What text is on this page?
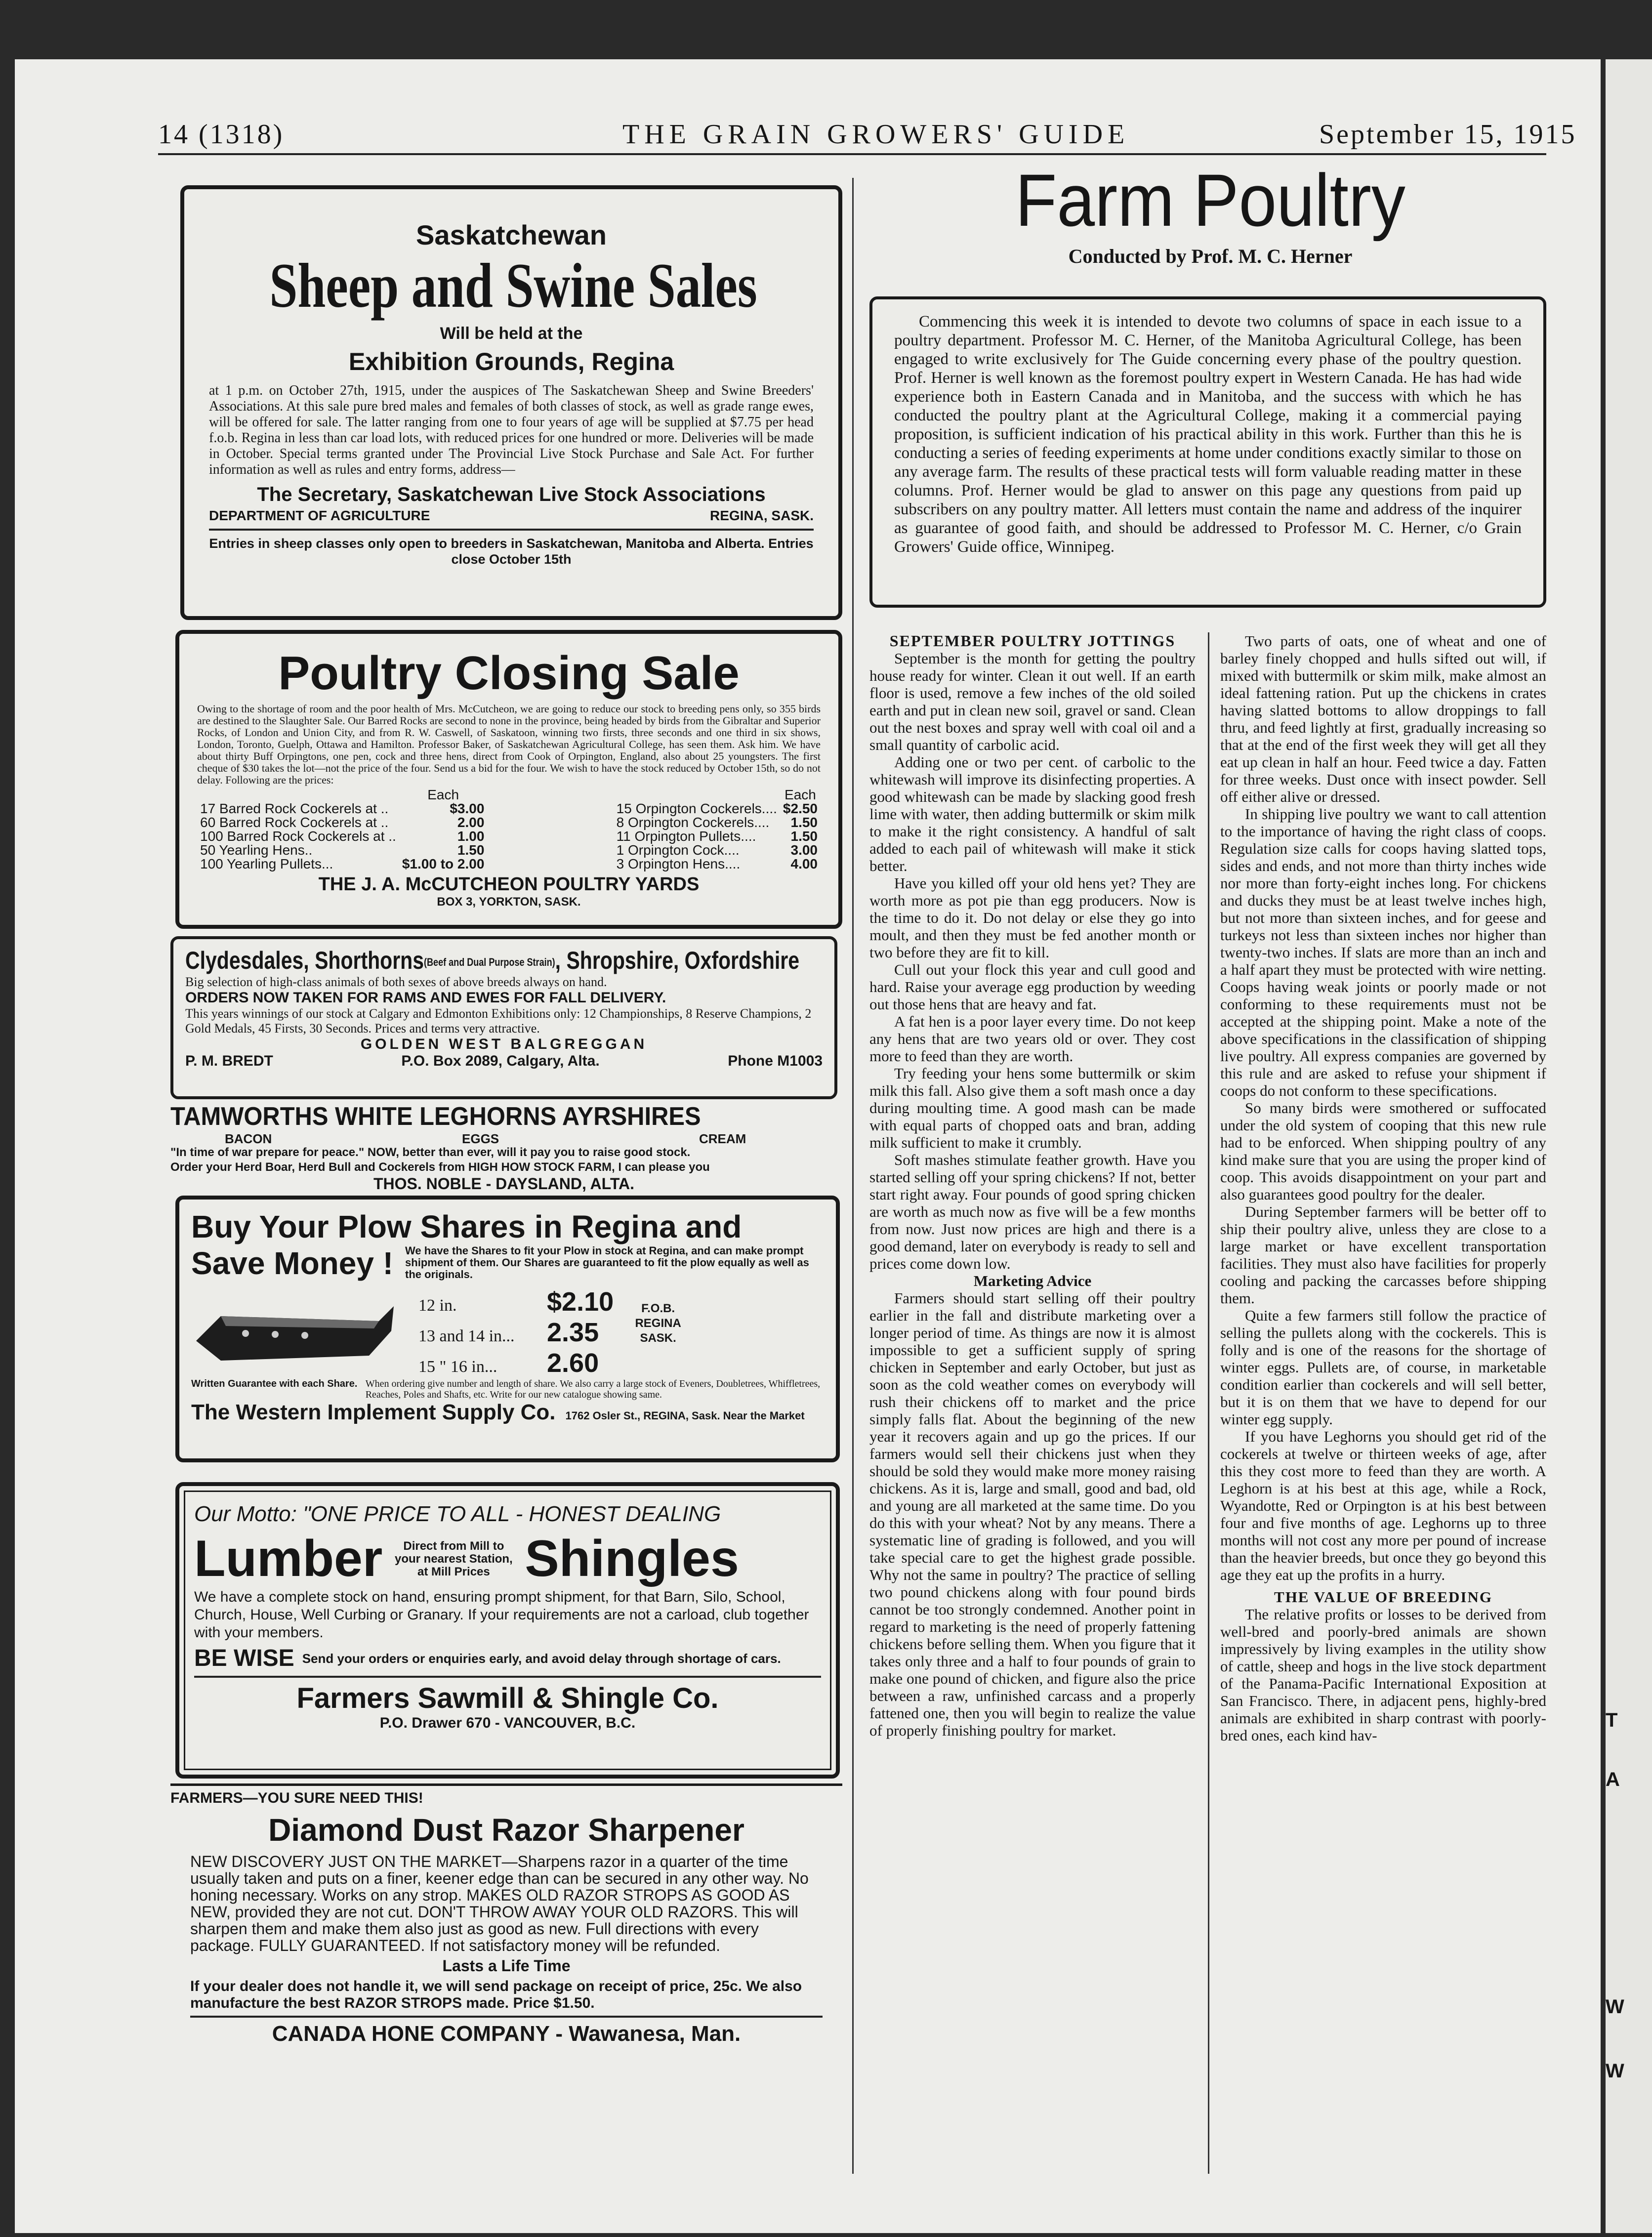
T
A
W
W
14 (1318)	THE GRAIN GROWERS' GUIDE	September 15, 1915
Saskatchewan
Sheep and Swine Sales
Will be held at the
Exhibition Grounds, Regina
at 1 p.m. on October 27th, 1915, under the auspices of The Saskatchewan Sheep and Swine Breeders' Associations. At this sale pure bred males and females of both classes of stock, as well as grade range ewes, will be offered for sale. The latter ranging from one to four years of age will be supplied at $7.75 per head f.o.b. Regina in less than car load lots, with reduced prices for one hundred or more. Deliveries will be made in October. Special terms granted under The Provincial Live Stock Purchase and Sale Act. For further information as well as rules and entry forms, address—
The Secretary, Saskatchewan Live Stock Associations
DEPARTMENT OF AGRICULTURE	REGINA, SASK.
Entries in sheep classes only open to breeders in Saskatchewan, Manitoba and Alberta. Entries close October 15th
Poultry Closing Sale
Owing to the shortage of room and the poor health of Mrs. McCutcheon, we are going to reduce our stock to breeding pens only, so 355 birds are destined to the Slaughter Sale. Our Barred Rocks are second to none in the province, being headed by birds from the Gibraltar and Superior Rocks, of London and Union City, and from R. W. Caswell, of Saskatoon, winning two firsts, three seconds and one third in six shows, London, Toronto, Guelph, Ottawa and Hamilton. Professor Baker, of Saskatchewan Agricultural College, has seen them. Ask him. We have about thirty Buff Orpingtons, one pen, cock and three hens, direct from Cook of Orpington, England, also about 25 youngsters. The first cheque of $30 takes the lot—not the price of the four. Send us a bid for the four. We wish to have the stock reduced by October 15th, so do not delay. Following are the prices:
	Each
17 Barred Rock Cockerels at ..	$3.00
60 Barred Rock Cockerels at ..	2.00
100 Barred Rock Cockerels at ..	1.00
50 Yearling Hens..	1.50
100 Yearling Pullets...	$1.00 to 2.00
	Each
15 Orpington Cockerels....	$2.50
8 Orpington Cockerels....	1.50
11 Orpington Pullets....	1.50
1 Orpington Cock....	3.00
3 Orpington Hens....	4.00
THE J. A. McCUTCHEON POULTRY YARDS
BOX 3, YORKTON, SASK.
Clydesdales, Shorthorns(Beef and Dual Purpose Strain), Shropshire, Oxfordshire
Big selection of high-class animals of both sexes of above breeds always on hand.
ORDERS NOW TAKEN FOR RAMS AND EWES FOR FALL DELIVERY.
This years winnings of our stock at Calgary and Edmonton Exhibitions only: 12 Championships, 8 Reserve Champions, 2 Gold Medals, 45 Firsts, 30 Seconds. Prices and terms very attractive.
GOLDEN WEST BALGREGGAN
P. M. BREDT	P.O. Box 2089, Calgary, Alta.	Phone M1003
TAMWORTHS WHITE LEGHORNS AYRSHIRES
BACON	EGGS	CREAM
"In time of war prepare for peace." NOW, better than ever, will it pay you to raise good stock.
Order your Herd Boar, Herd Bull and Cockerels from HIGH HOW STOCK FARM, I can please you
THOS. NOBLE - DAYSLAND, ALTA.
Buy Your Plow Shares in Regina and
Save Money ! We have the Shares to fit your Plow in stock at Regina, and can make prompt shipment of them. Our Shares are guaranteed to fit the plow equally as well as the originals.
12 in.	$2.10
13 and 14 in...	2.35
15 " 16 in...	2.60
F.O.B. REGINA SASK.
Written Guarantee with each Share. When ordering give number and length of share. We also carry a large stock of Eveners, Doubletrees, Whiffletrees, Reaches, Poles and Shafts, etc. Write for our new catalogue showing same.
The Western Implement Supply Co. 1762 Osler St., REGINA, Sask. Near the Market
Our Motto: "ONE PRICE TO ALL - HONEST DEALING
Lumber	Direct from Mill to your nearest Station, at Mill Prices Shingles
We have a complete stock on hand, ensuring prompt shipment, for that Barn, Silo, School, Church, House, Well Curbing or Granary. If your requirements are not a carload, club together with your members.
BE WISE Send your orders or enquiries early, and avoid delay through shortage of cars.
Farmers Sawmill & Shingle Co.
P.O. Drawer 670 - VANCOUVER, B.C.
FARMERS—YOU SURE NEED THIS!
Diamond Dust Razor Sharpener
NEW DISCOVERY JUST ON THE MARKET—Sharpens razor in a quarter of the time usually taken and puts on a finer, keener edge than can be secured in any other way. No honing necessary. Works on any strop. MAKES OLD RAZOR STROPS AS GOOD AS NEW, provided they are not cut. DON'T THROW AWAY YOUR OLD RAZORS. This will sharpen them and make them also just as good as new. Full directions with every package. FULLY GUARANTEED. If not satisfactory money will be refunded.
Lasts a Life Time
If your dealer does not handle it, we will send package on receipt of price, 25c. We also manufacture the best RAZOR STROPS made. Price $1.50.
CANADA HONE COMPANY - Wawanesa, Man.
Farm Poultry
Conducted by Prof. M. C. Herner
Commencing this week it is intended to devote two columns of space in each issue to a poultry department. Professor M. C. Herner, of the Manitoba Agricultural College, has been engaged to write exclusively for The Guide concerning every phase of the poultry question. Prof. Herner is well known as the foremost poultry expert in Western Canada. He has had wide experience both in Eastern Canada and in Manitoba, and the success with which he has conducted the poultry plant at the Agricultural College, making it a commercial paying proposition, is sufficient indication of his practical ability in this work. Further than this he is conducting a series of feeding experiments at home under conditions exactly similar to those on any average farm. The results of these practical tests will form valuable reading matter in these columns. Prof. Herner would be glad to answer on this page any questions from paid up subscribers on any poultry matter. All letters must contain the name and address of the inquirer as guarantee of good faith, and should be addressed to Professor M. C. Herner, c/o Grain Growers' Guide office, Winnipeg.

SEPTEMBER POULTRY JOTTINGS

September is the month for getting the poultry house ready for winter. Clean it out well. If an earth floor is used, remove a few inches of the old soiled earth and put in clean new soil, gravel or sand. Clean out the nest boxes and spray well with coal oil and a small quantity of carbolic acid.

Adding one or two per cent. of carbolic to the whitewash will improve its disinfecting properties. A good whitewash can be made by slacking good fresh lime with water, then adding buttermilk or skim milk to make it the right consistency. A handful of salt added to each pail of whitewash will make it stick better.

Have you killed off your old hens yet? They are worth more as pot pie than egg producers. Now is the time to do it. Do not delay or else they go into moult, and then they must be fed another month or two before they are fit to kill.

Cull out your flock this year and cull good and hard. Raise your average egg production by weeding out those hens that are heavy and fat.

A fat hen is a poor layer every time. Do not keep any hens that are two years old or over. They cost more to feed than they are worth.

Try feeding your hens some buttermilk or skim milk this fall. Also give them a soft mash once a day during moulting time. A good mash can be made with equal parts of chopped oats and bran, adding milk sufficient to make it crumbly.

Soft mashes stimulate feather growth. Have you started selling off your spring chickens? If not, better start right away. Four pounds of good spring chicken are worth as much now as five will be a few months from now. Just now prices are high and there is a good demand, later on everybody is ready to sell and prices come down low.

Marketing Advice

Farmers should start selling off their poultry earlier in the fall and distribute marketing over a longer period of time. As things are now it is almost impossible to get a sufficient supply of spring chicken in September and early October, but just as soon as the cold weather comes on everybody will rush their chickens off to market and the price simply falls flat. About the beginning of the new year it recovers again and up go the prices. If our farmers would sell their chickens just when they should be sold they would make more money raising chickens. As it is, large and small, good and bad, old and young are all marketed at the same time. Do you do this with your wheat? Not by any means. There a systematic line of grading is followed, and you will take special care to get the highest grade possible. Why not the same in poultry? The practice of selling two pound chickens along with four pound birds cannot be too strongly condemned. Another point in regard to marketing is the need of properly fattening chickens before selling them. When you figure that it takes only three and a half to four pounds of grain to make one pound of chicken, and figure also the price between a raw, unfinished carcass and a properly fattened one, then you will begin to realize the value of properly finishing poultry for market.

Two parts of oats, one of wheat and one of barley finely chopped and hulls sifted out will, if mixed with buttermilk or skim milk, make almost an ideal fattening ration. Put up the chickens in crates having slatted bottoms to allow droppings to fall thru, and feed lightly at first, gradually increasing so that at the end of the first week they will get all they eat up clean in half an hour. Feed twice a day. Fatten for three weeks. Dust once with insect powder. Sell off either alive or dressed.

In shipping live poultry we want to call attention to the importance of having the right class of coops. Regulation size calls for coops having slatted tops, sides and ends, and not more than thirty inches wide nor more than forty-eight inches long. For chickens and ducks they must be at least twelve inches high, but not more than sixteen inches, and for geese and turkeys not less than sixteen inches nor higher than twenty-two inches. If slats are more than an inch and a half apart they must be protected with wire netting. Coops having weak joints or poorly made or not conforming to these requirements must not be accepted at the shipping point. Make a note of the above specifications in the classification of shipping live poultry. All express companies are governed by this rule and are asked to refuse your shipment if coops do not conform to these specifications.

So many birds were smothered or suffocated under the old system of cooping that this new rule had to be enforced. When shipping poultry of any kind make sure that you are using the proper kind of coop. This avoids disappointment on your part and also guarantees good poultry for the dealer.

During September farmers will be better off to ship their poultry alive, unless they are close to a large market or have excellent transportation facilities. They must also have facilities for properly cooling and packing the carcasses before shipping them.

Quite a few farmers still follow the practice of selling the pullets along with the cockerels. This is folly and is one of the reasons for the shortage of winter eggs. Pullets are, of course, in marketable condition earlier than cockerels and will sell better, but it is on them that we have to depend for our winter egg supply.

If you have Leghorns you should get rid of the cockerels at twelve or thirteen weeks of age, after this they cost more to feed than they are worth. A Leghorn is at his best at this age, while a Rock, Wyandotte, Red or Orpington is at his best between four and five months of age. Leghorns up to three months will not cost any more per pound of increase than the heavier breeds, but once they go beyond this age they eat up the profits in a hurry.

THE VALUE OF BREEDING

The relative profits or losses to be derived from well-bred and poorly-bred animals are shown impressively by living examples in the utility show of cattle, sheep and hogs in the live stock department of the Panama-Pacific International Exposition at San Francisco. There, in adjacent pens, highly-bred animals are exhibited in sharp contrast with poorly-bred ones, each kind hav-
